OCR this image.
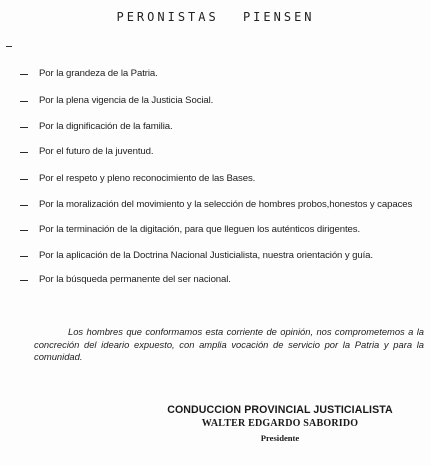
PERONISTAS PIENSEN
Por la grandeza de la Patria.
Por la plena vigencia de la Justicia Social.
Por la dignificación de la familia.
Por el futuro de la juventud.
Por el respeto y pleno reconocimiento de las Bases.
Por la moralización del movimiento y la selección de hombres probos,honestos y capaces
Por la terminación de la digitación, para que lleguen los auténticos dirigentes.
Por la aplicación de la Doctrina Nacional Justicialista, nuestra orientación y guía.
Por la búsqueda permanente del ser nacional.

Los hombres que conformamos esta corriente de opinión, nos comprometemos a la concreción del ideario expuesto, con amplia vocación de servicio por la Patria y para la comunidad.

CONDUCCION PROVINCIAL JUSTICIALISTA
WALTER EDGARDO SABORIDO
Presidente
